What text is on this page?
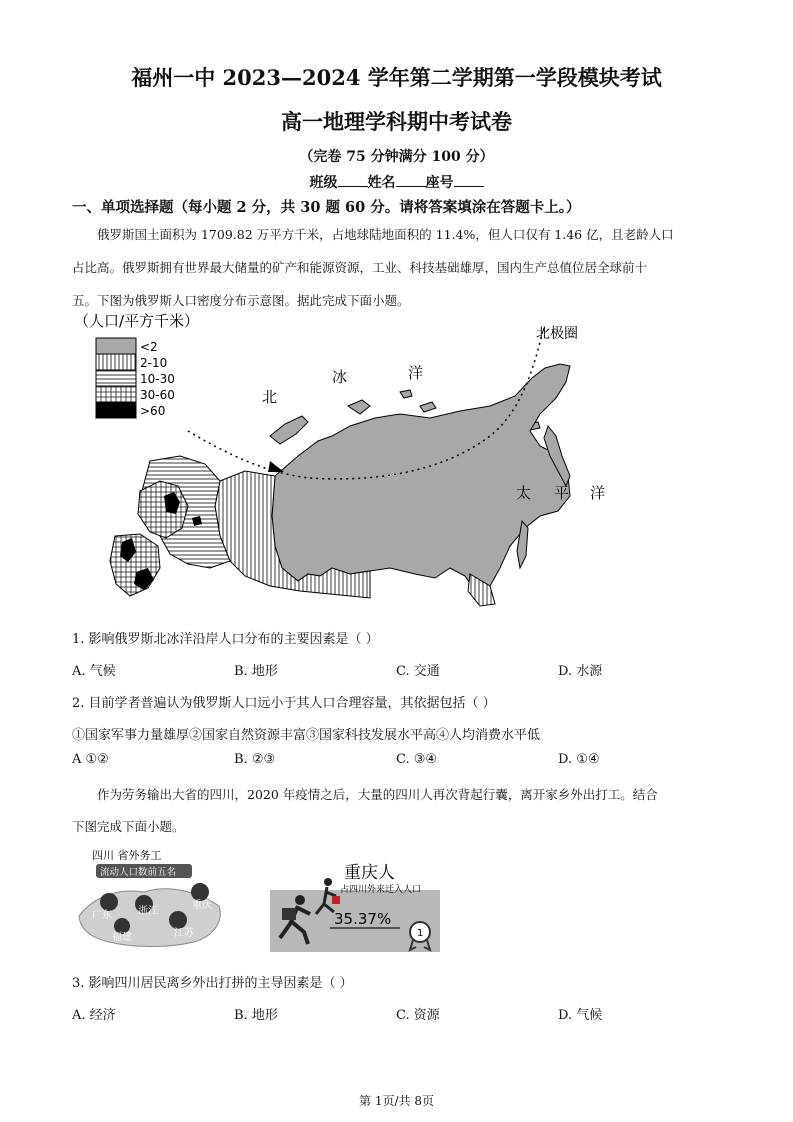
福州一中 2023—2024 学年第二学期第一学段模块考试
高一地理学科期中考试卷
（完卷 75 分钟满分 100 分）
班级 姓名 座号
一、单项选择题（每小题 2 分，共 30 题 60 分。请将答案填涂在答题卡上。）
俄罗斯国土面积为 1709.82 万平方千米，占地球陆地面积的 11.4%，但人口仅有 1.46 亿，且老龄人口
占比高。俄罗斯拥有世界最大储量的矿产和能源资源，工业、科技基础雄厚，国内生产总值位居全球前十
五。下图为俄罗斯人口密度分布示意图。据此完成下面小题。
（人口/平方千米）
<2
2-10
10-30
30-60
>60
北极圈
北
冰	洋
太 平 洋
1. 影响俄罗斯北冰洋沿岸人口分布的主要因素是（ ）
A. 气候	B. 地形	C. 交通	D. 水源
2. 目前学者普遍认为俄罗斯人口远小于其人口合理容量，其依据包括（ ）
①国家军事力量雄厚②国家自然资源丰富③国家科技发展水平高④人均消费水平低
A ①②	B. ②③	C. ③④	D. ①④
作为劳务输出大省的四川，2020 年疫情之后，大量的四川人再次背起行囊，离开家乡外出打工。结合
下图完成下面小题。
四川 省外务工
流动人口数前五名
广东	浙江
重庆
福建	江苏
重庆人
占四川外来迁入人口
35.37%
1
3. 影响四川居民离乡外出打拼的主导因素是（ ）
A. 经济	B. 地形	C. 资源	D. 气候
第 1页/共 8页
